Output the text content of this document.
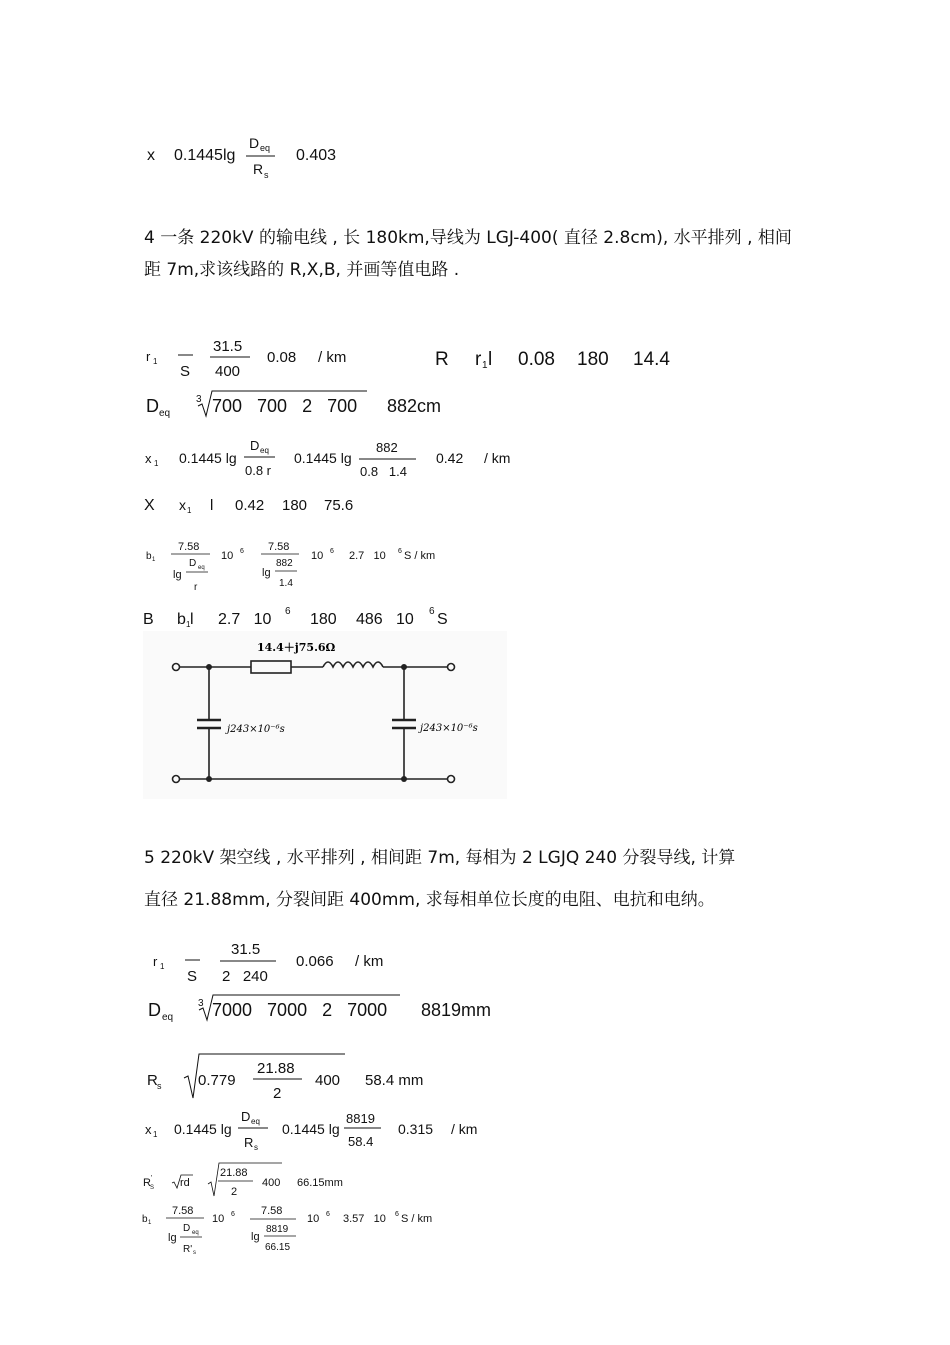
x 0.1445lg
D eq
R s
0.403
4 一条 220kV 的输电线 , 长 180km,导线为 LGJ-400( 直径 2.8cm), 水平排列 , 相间
距 7m,求该线路的 R,X,B, 并画等值电路 .
r 1
S
31.5
400
0.08 / km	R r 1 l 0.08 180 14.4
D eq
3 700   700   2   700 882cm
x 1 0.1445 lg
D eq
0.8 r
0.1445 lg
882
0.8   1.4
0.42 / km
X x 1 l 0.42 180 75.6
b 1
7.58
lg
D eq
r
10 6 7.58
lg
882
1.4
10 6 2.7   10 6 S / km
B b 1 l 2.7   10 6 180 486   10 6 S
14.4＋j75.6Ω
j243×10⁻⁶s	j243×10⁻⁶s
5 220kV 架空线 , 水平排列 , 相间距 7m, 每相为 2 LGJQ 240 分裂导线, 计算
直径 21.88mm, 分裂间距 400mm, 求每相单位长度的电阻、电抗和电纳。
r 1
S
31.5
2   240
0.066 / km
D eq
3 7000   7000   2   7000 8819mm
R s 0.779
21.88
2
400 58.4 mm
x 1 0.1445 lg
D eq
R s
0.1445 lg
8819
58.4
0.315 / km
R S
'	rd
21.88
2
400 66.15mm
b 1
7.58
lg
D eq
R' s
10 6 7.58
lg
8819
66.15
10 6 3.57   10 6 S / km
